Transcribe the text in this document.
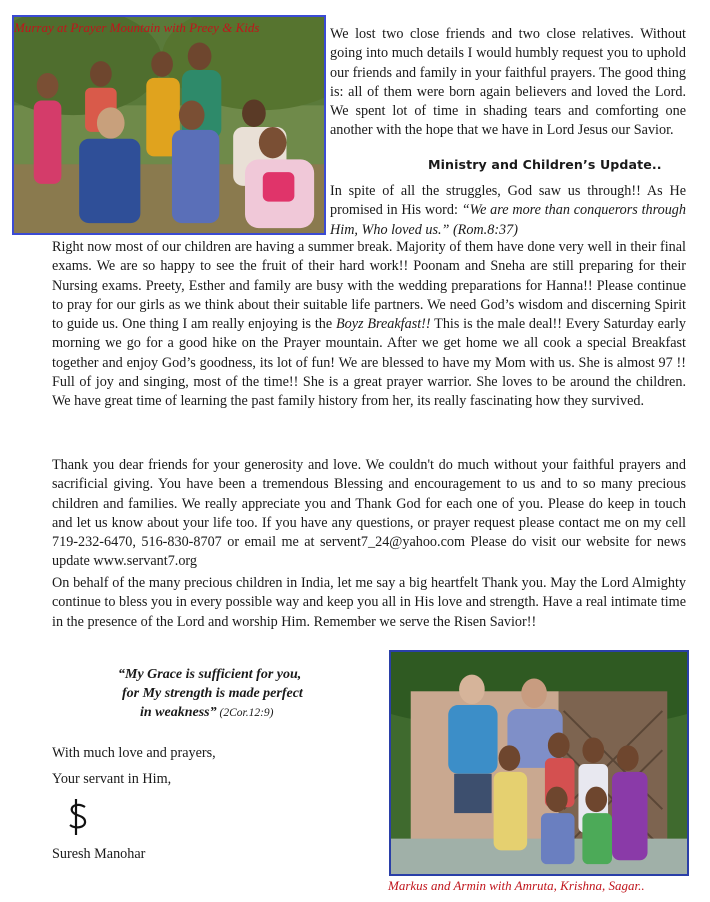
Murray at Prayer Mountain with Preey & Kids	We lost two close friends and two close relatives. Without going into much details I would humbly request you to uphold our friends and family in your faithful prayers. The good thing is: all of them were born again believers and loved the Lord. We spent lot of time in shading tears and comforting one another with the hope that we have in Lord Jesus our Savior.
Ministry and Children’s Update..
In spite of all the struggles, God saw us through!! As He promised in His word: “We are more than conquerors through Him, Who loved us.” (Rom.8:37)
Right now most of our children are having a summer break. Majority of them have done very well in their final exams. We are so happy to see the fruit of their hard work!! Poonam and Sneha are still preparing for their Nursing exams. Preety, Esther and family are busy with the wedding preparations for Hanna!! Please continue to pray for our girls as we think about their suitable life partners. We need God’s wisdom and discerning Spirit to guide us. One thing I am really enjoying is the Boyz Breakfast!! This is the male deal!! Every Saturday early morning we go for a good hike on the Prayer mountain. After we get home we all cook a special Breakfast together and enjoy God’s goodness, its lot of fun! We are blessed to have my Mom with us. She is almost 97 !! Full of joy and singing, most of the time!! She is a great prayer warrior. She loves to be around the children. We have great time of learning the past family history from her, its really fascinating how they survived.
Thank you dear friends for your generosity and love. We couldn't do much without your faithful prayers and sacrificial giving. You have been a tremendous Blessing and encouragement to us and to so many precious children and families. We really appreciate you and Thank God for each one of you. Please do keep in touch and let us know about your life too. If you have any questions, or prayer request please contact me on my cell 719-232-6470, 516-830-8707 or email me at servent7_24@yahoo.com Please do visit our website for news update www.servant7.org
On behalf of the many precious children in India, let me say a big heartfelt Thank you. May the Lord Almighty continue to bless you in every possible way and keep you all in His love and strength. Have a real intimate time in the presence of the Lord and worship Him. Remember we serve the Risen Savior!!
“My Grace is sufficient for you,
for My strength is made perfect
in weakness” (2Cor.12:9)
With much love and prayers,
Your servant in Him,
Suresh Manohar
Markus and Armin with Amruta, Krishna, Sagar..
